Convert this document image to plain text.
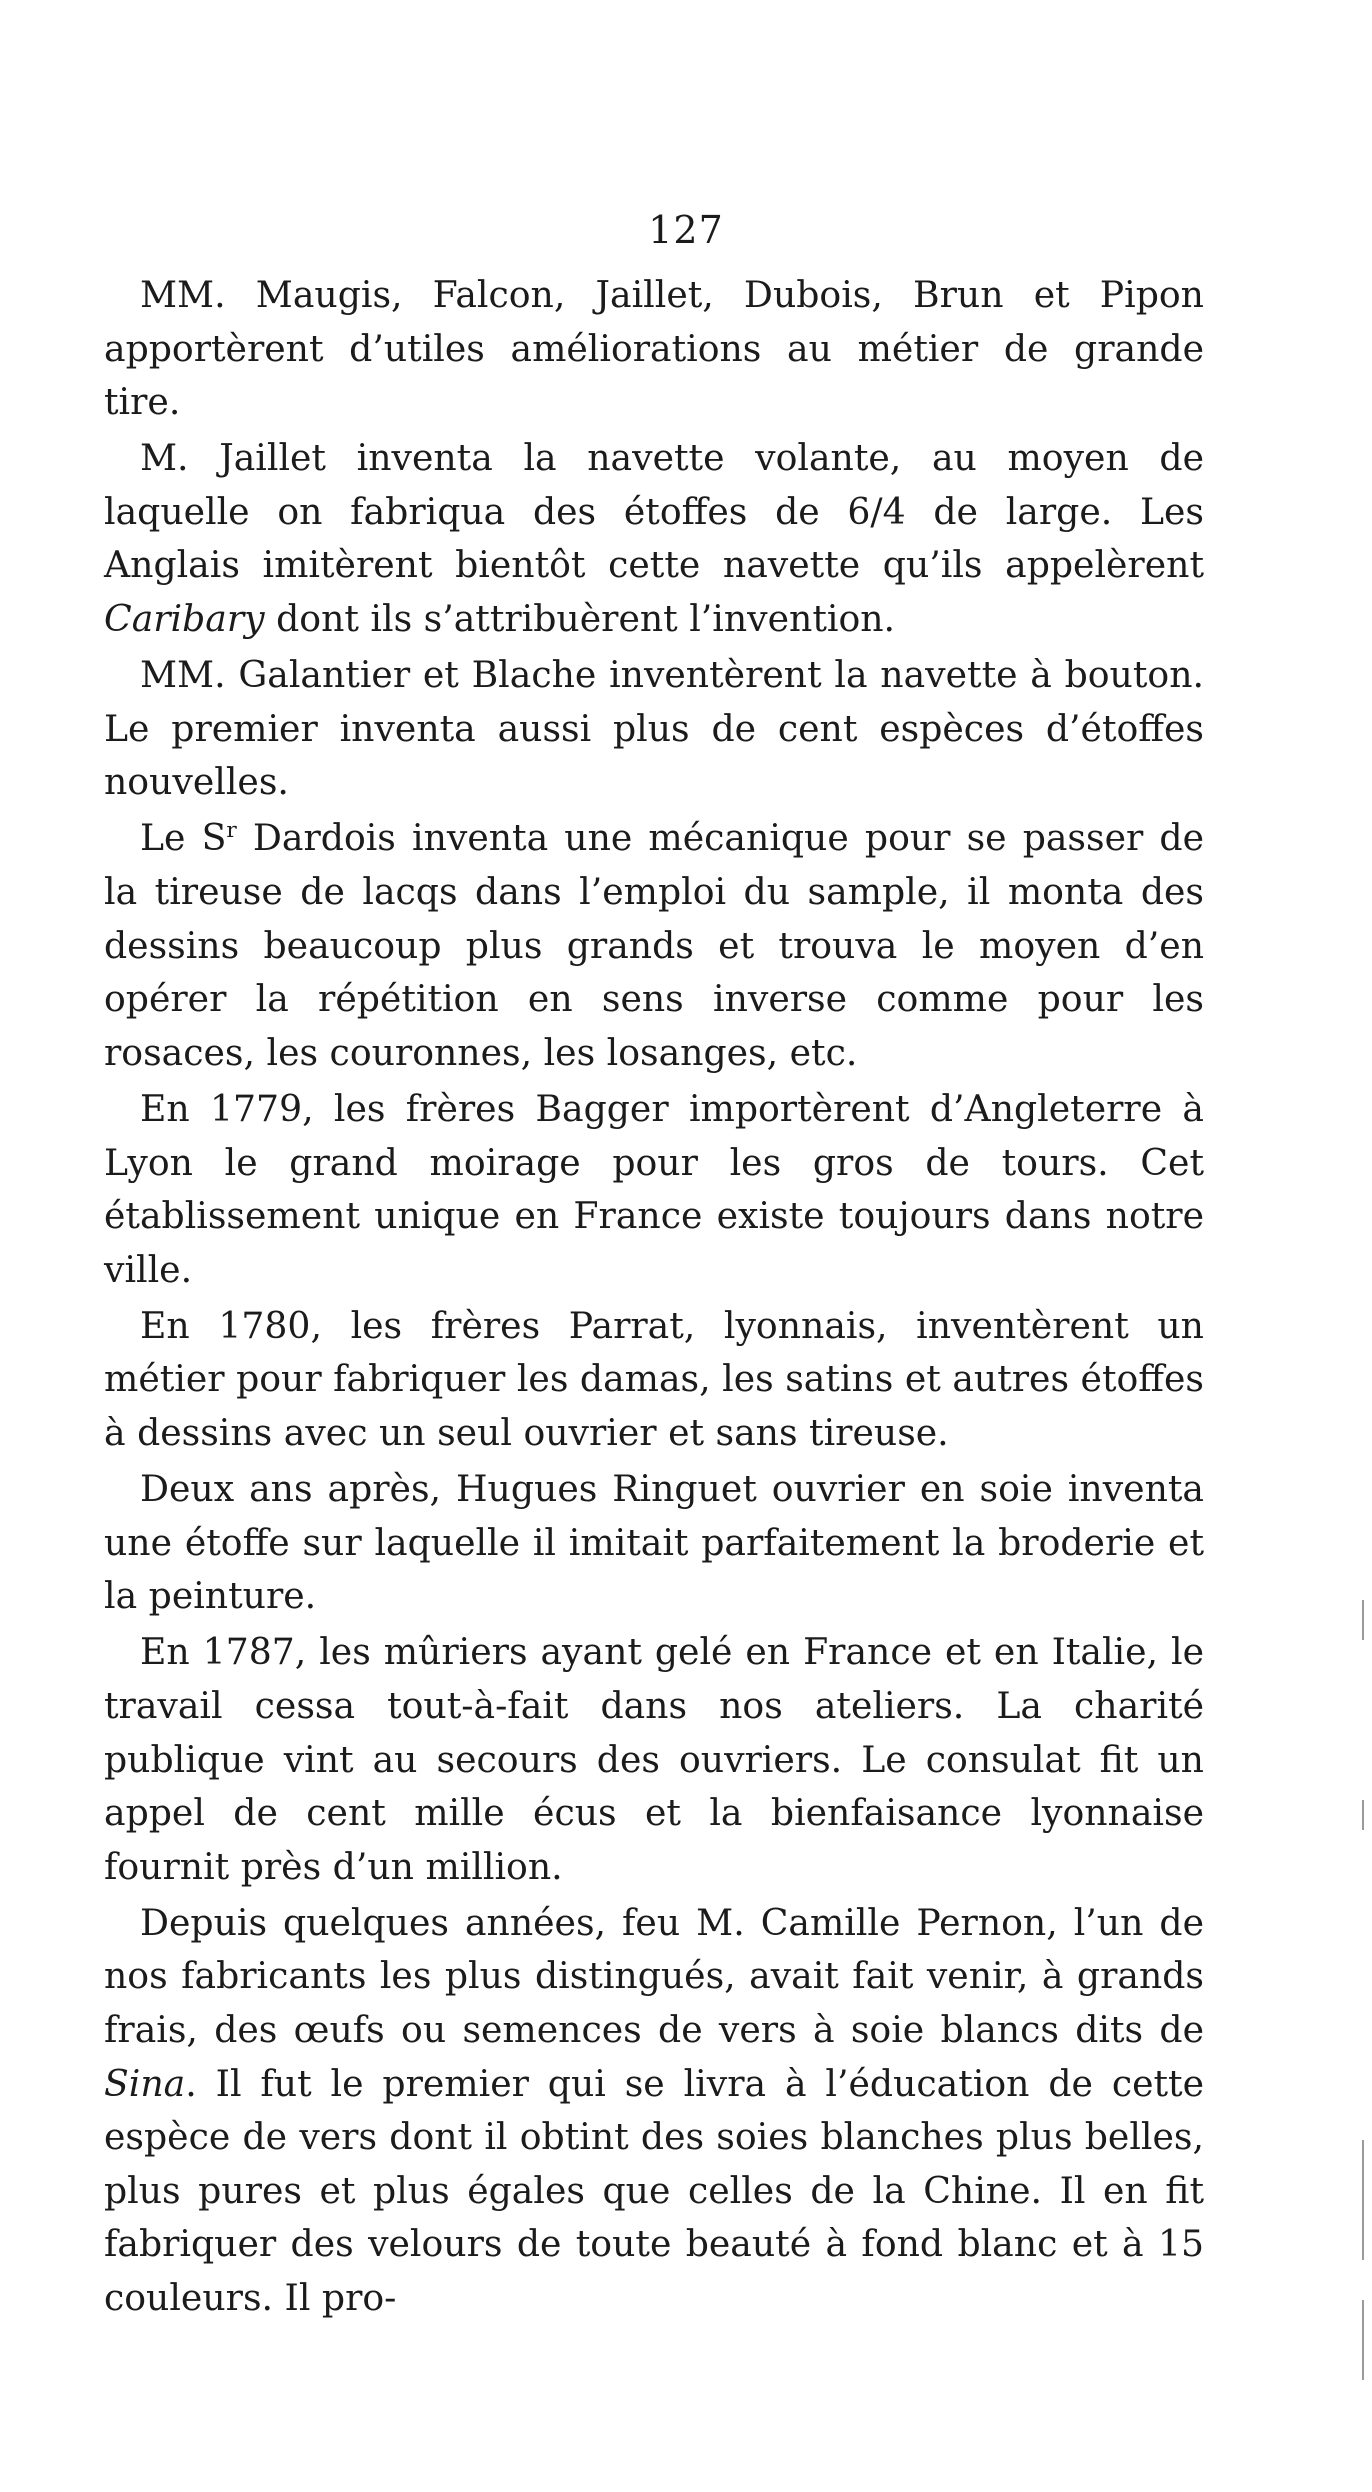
127

MM. Maugis, Falcon, Jaillet, Dubois, Brun et Pipon apportèrent d’utiles améliorations au métier de grande tire.

M. Jaillet inventa la navette volante, au moyen de laquelle on fabriqua des étoffes de 6/4 de large. Les Anglais imitèrent bientôt cette navette qu’ils appelèrent Caribary dont ils s’attribuèrent l’invention.

MM. Galantier et Blache inventèrent la navette à bouton. Le premier inventa aussi plus de cent espèces d’étoffes nouvelles.

Le $S^r$ Dardois inventa une mécanique pour se passer de la tireuse de lacqs dans l’emploi du sample, il monta des dessins beaucoup plus grands et trouva le moyen d’en opérer la répétition en sens inverse comme pour les rosaces, les couronnes, les losanges, etc.

En 1779, les frères Bagger importèrent d’Angleterre à Lyon le grand moirage pour les gros de tours. Cet établissement unique en France existe toujours dans notre ville.

En 1780, les frères Parrat, lyonnais, inventèrent un métier pour fabriquer les damas, les satins et autres étoffes à dessins avec un seul ouvrier et sans tireuse.

Deux ans après, Hugues Ringuet ouvrier en soie inventa une étoffe sur laquelle il imitait parfaitement la broderie et la peinture.

En 1787, les mûriers ayant gelé en France et en Italie, le travail cessa tout-à-fait dans nos ateliers. La charité publique vint au secours des ouvriers. Le consulat fit un appel de cent mille écus et la bienfaisance lyonnaise fournit près d’un million.

Depuis quelques années, feu M. Camille Pernon, l’un de nos fabricants les plus distingués, avait fait venir, à grands frais, des œufs ou semences de vers à soie blancs dits de Sina. Il fut le premier qui se livra à l’éducation de cette espèce de vers dont il obtint des soies blanches plus belles, plus pures et plus égales que celles de la Chine. Il en fit fabriquer des velours de toute beauté à fond blanc et à 15 couleurs. Il pro-
